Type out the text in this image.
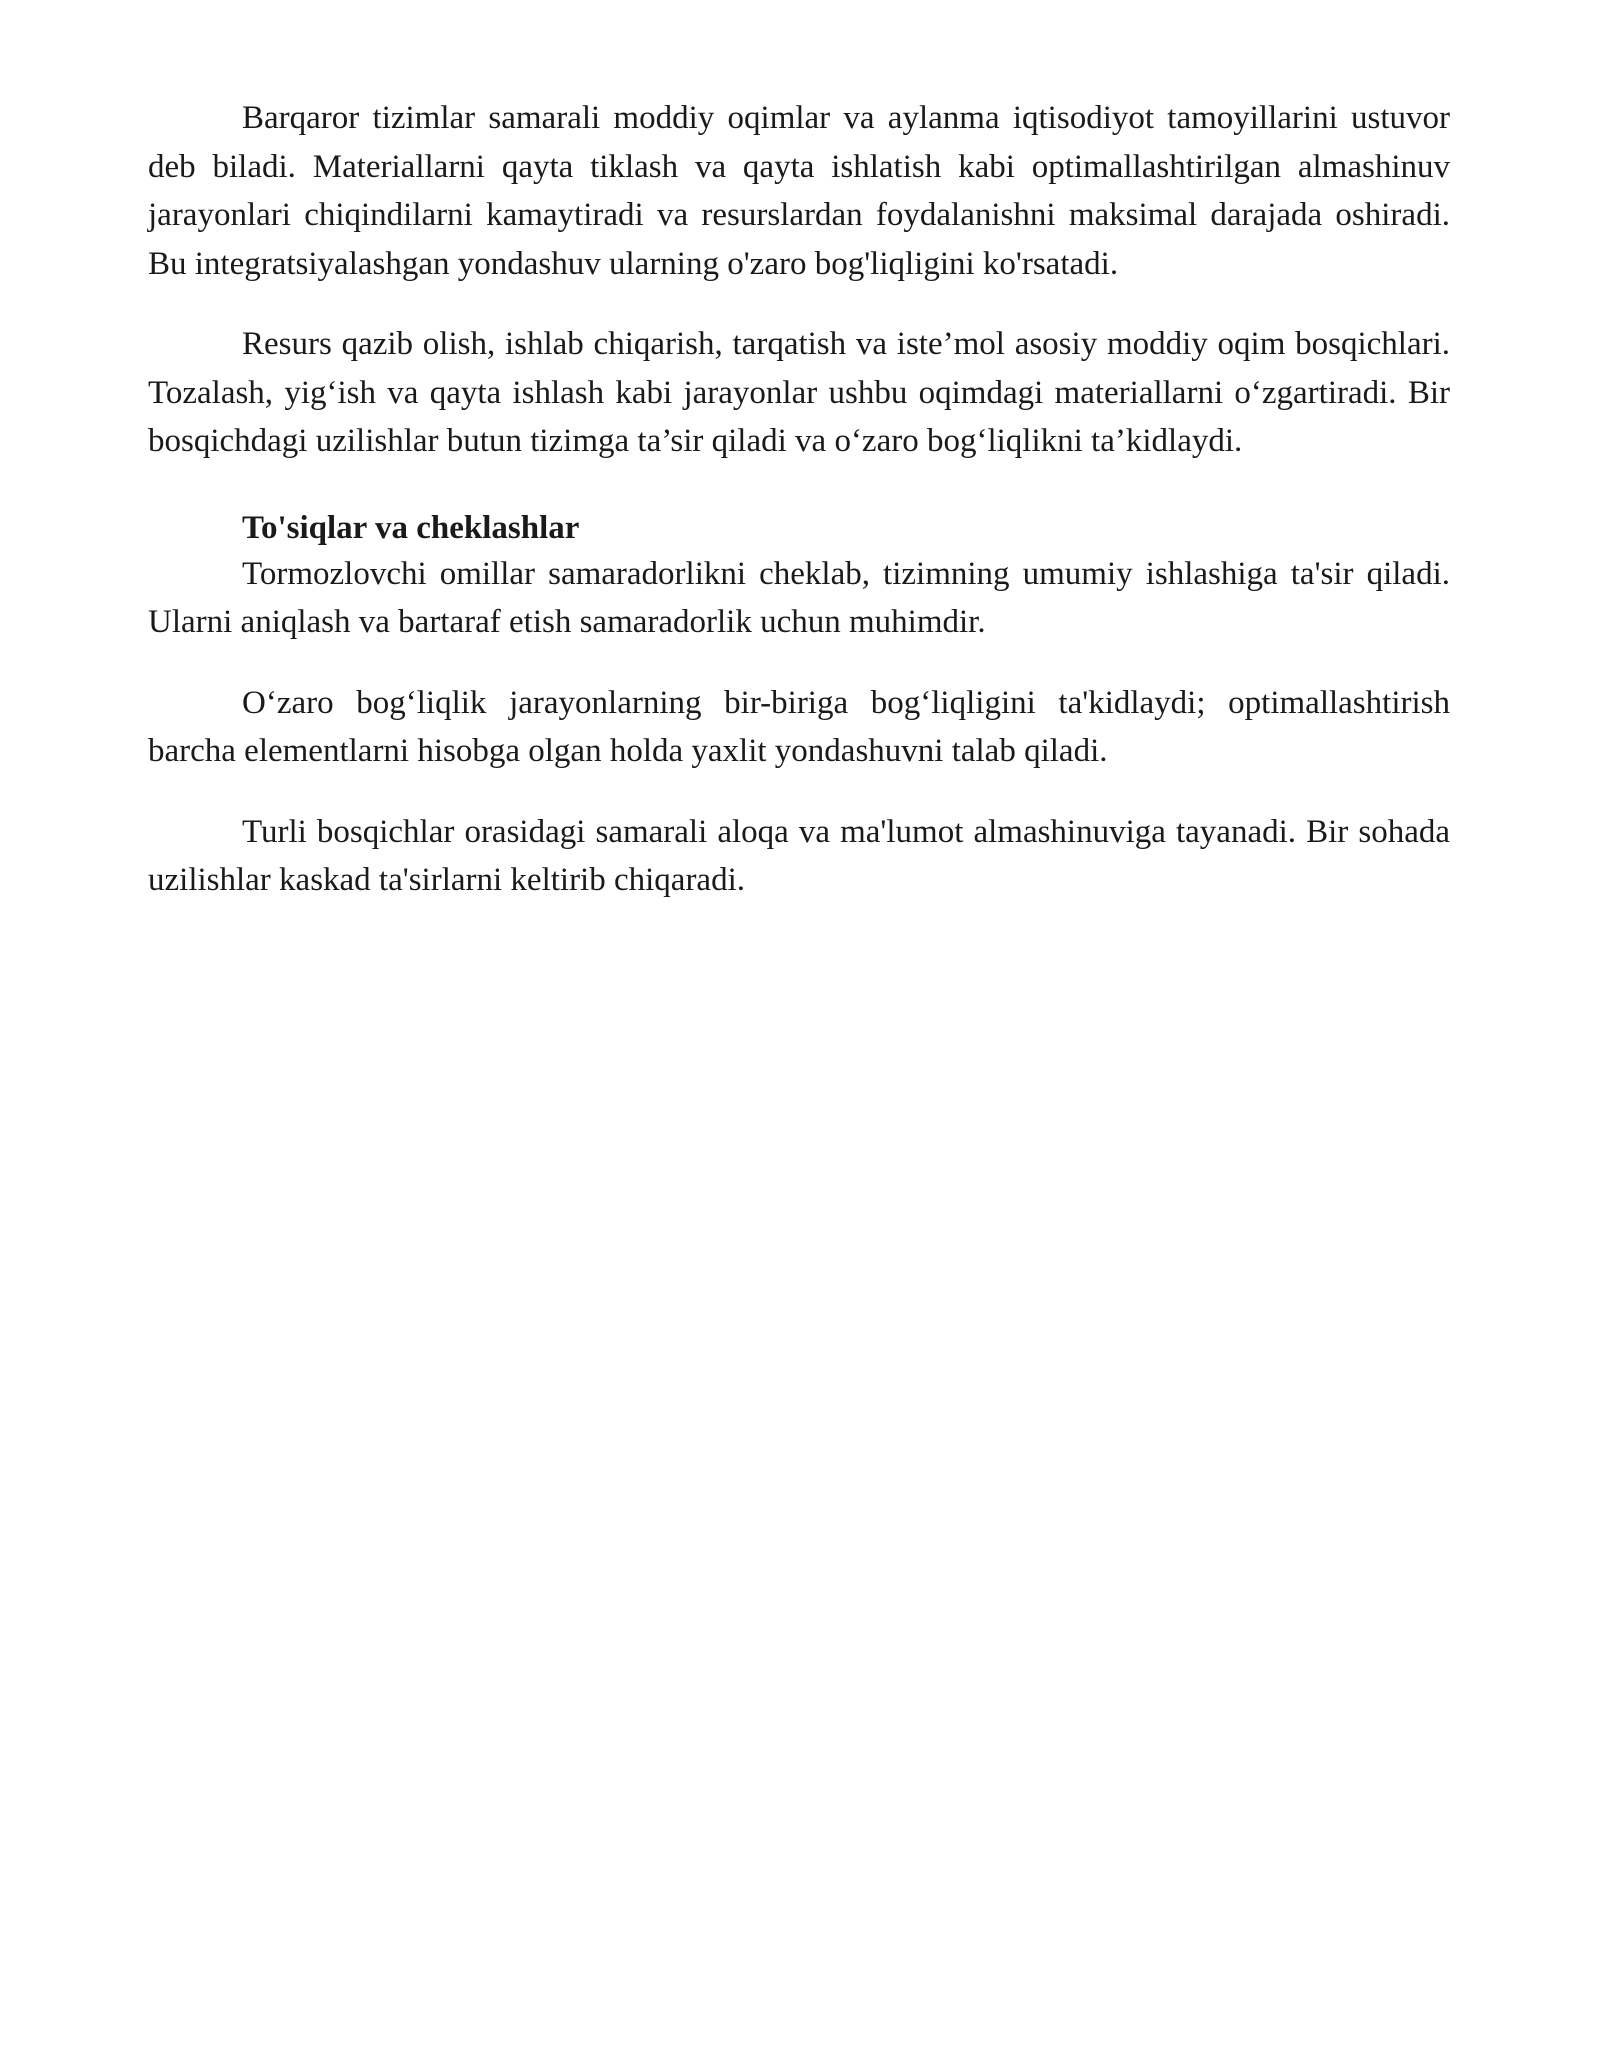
Barqaror tizimlar samarali moddiy oqimlar va aylanma iqtisodiyot tamoyillarini ustuvor deb biladi. Materiallarni qayta tiklash va qayta ishlatish kabi optimallashtirilgan almashinuv jarayonlari chiqindilarni kamaytiradi va resurslardan foydalanishni maksimal darajada oshiradi. Bu integratsiyalashgan yondashuv ularning o'zaro bog'liqligini ko'rsatadi.

Resurs qazib olish, ishlab chiqarish, tarqatish va iste’mol asosiy moddiy oqim bosqichlari. Tozalash, yig‘ish va qayta ishlash kabi jarayonlar ushbu oqimdagi materiallarni o‘zgartiradi. Bir bosqichdagi uzilishlar butun tizimga ta’sir qiladi va o‘zaro bog‘liqlikni ta’kidlaydi.

To'siqlar va cheklashlar

Tormozlovchi omillar samaradorlikni cheklab, tizimning umumiy ishlashiga ta'sir qiladi. Ularni aniqlash va bartaraf etish samaradorlik uchun muhimdir.

O‘zaro bog‘liqlik jarayonlarning bir-biriga bog‘liqligini ta'kidlaydi; optimallashtirish barcha elementlarni hisobga olgan holda yaxlit yondashuvni talab qiladi.

Turli bosqichlar orasidagi samarali aloqa va ma'lumot almashinuviga tayanadi. Bir sohada uzilishlar kaskad ta'sirlarni keltirib chiqaradi.
